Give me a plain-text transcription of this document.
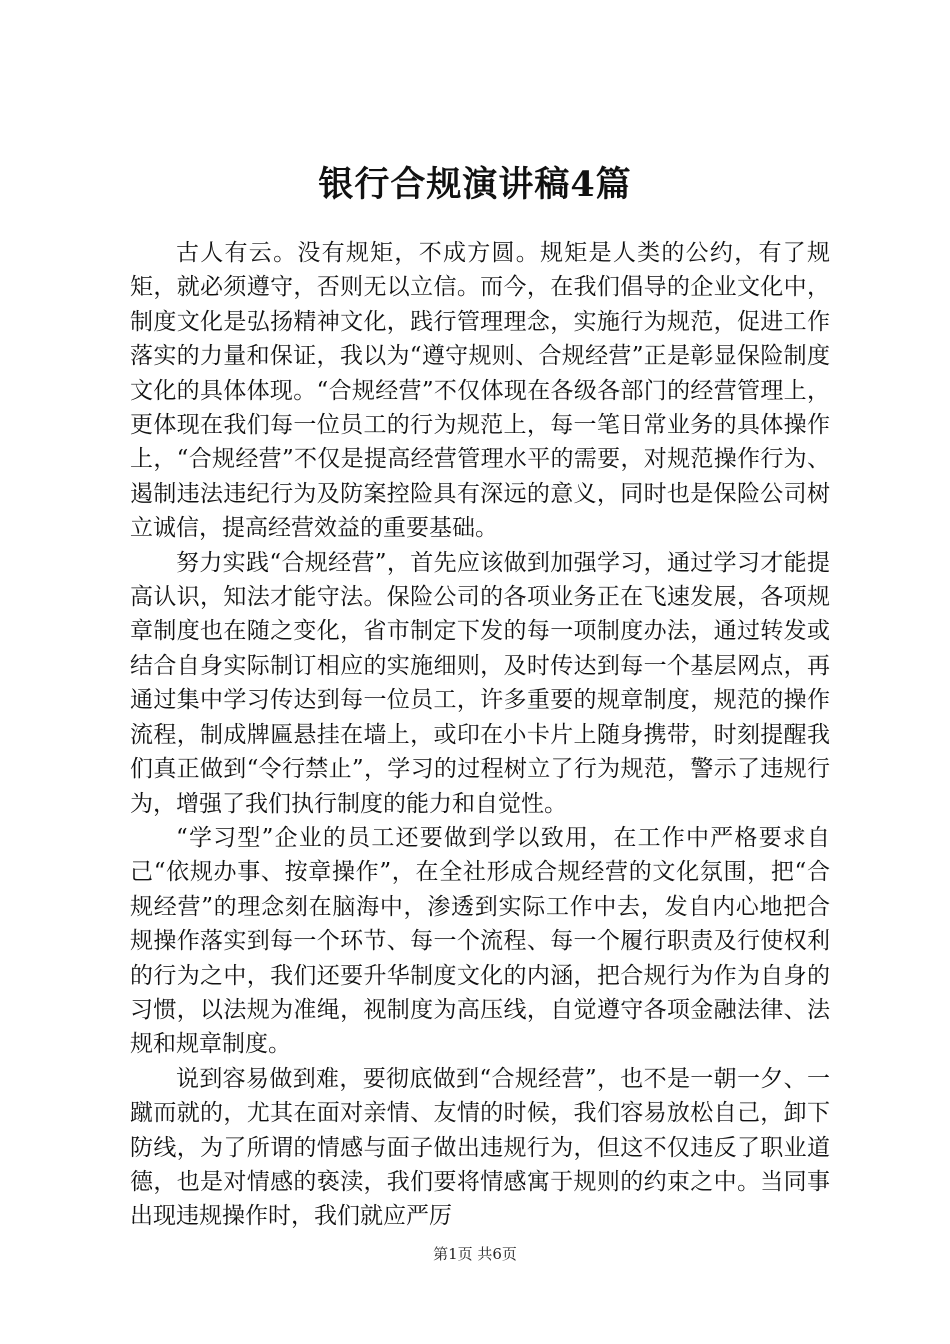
银行合规演讲稿4篇

古人有云。没有规矩，不成方圆。规矩是人类的公约，有了规矩，就必须遵守，否则无以立信。而今，在我们倡导的企业文化中，制度文化是弘扬精神文化，践行管理理念，实施行为规范，促进工作落实的力量和保证，我以为“遵守规则、合规经营”正是彰显保险制度文化的具体体现。“合规经营”不仅体现在各级各部门的经营管理上，更体现在我们每一位员工的行为规范上，每一笔日常业务的具体操作上，“合规经营”不仅是提高经营管理水平的需要，对规范操作行为、遏制违法违纪行为及防案控险具有深远的意义，同时也是保险公司树立诚信，提高经营效益的重要基础。

努力实践“合规经营”，首先应该做到加强学习，通过学习才能提高认识，知法才能守法。保险公司的各项业务正在飞速发展，各项规章制度也在随之变化，省市制定下发的每一项制度办法，通过转发或结合自身实际制订相应的实施细则，及时传达到每一个基层网点，再通过集中学习传达到每一位员工，许多重要的规章制度，规范的操作流程，制成牌匾悬挂在墙上，或印在小卡片上随身携带，时刻提醒我们真正做到“令行禁止”，学习的过程树立了行为规范，警示了违规行为，增强了我们执行制度的能力和自觉性。

“学习型”企业的员工还要做到学以致用，在工作中严格要求自己“依规办事、按章操作”，在全社形成合规经营的文化氛围，把“合规经营”的理念刻在脑海中，渗透到实际工作中去，发自内心地把合规操作落实到每一个环节、每一个流程、每一个履行职责及行使权利的行为之中，我们还要升华制度文化的内涵，把合规行为作为自身的习惯，以法规为准绳，视制度为高压线，自觉遵守各项金融法律、法规和规章制度。

说到容易做到难，要彻底做到“合规经营”，也不是一朝一夕、一蹴而就的，尤其在面对亲情、友情的时候，我们容易放松自己，卸下防线，为了所谓的情感与面子做出违规行为，但这不仅违反了职业道德，也是对情感的亵渎，我们要将情感寓于规则的约束之中。当同事出现违规操作时，我们就应严厉

第1页 共6页
